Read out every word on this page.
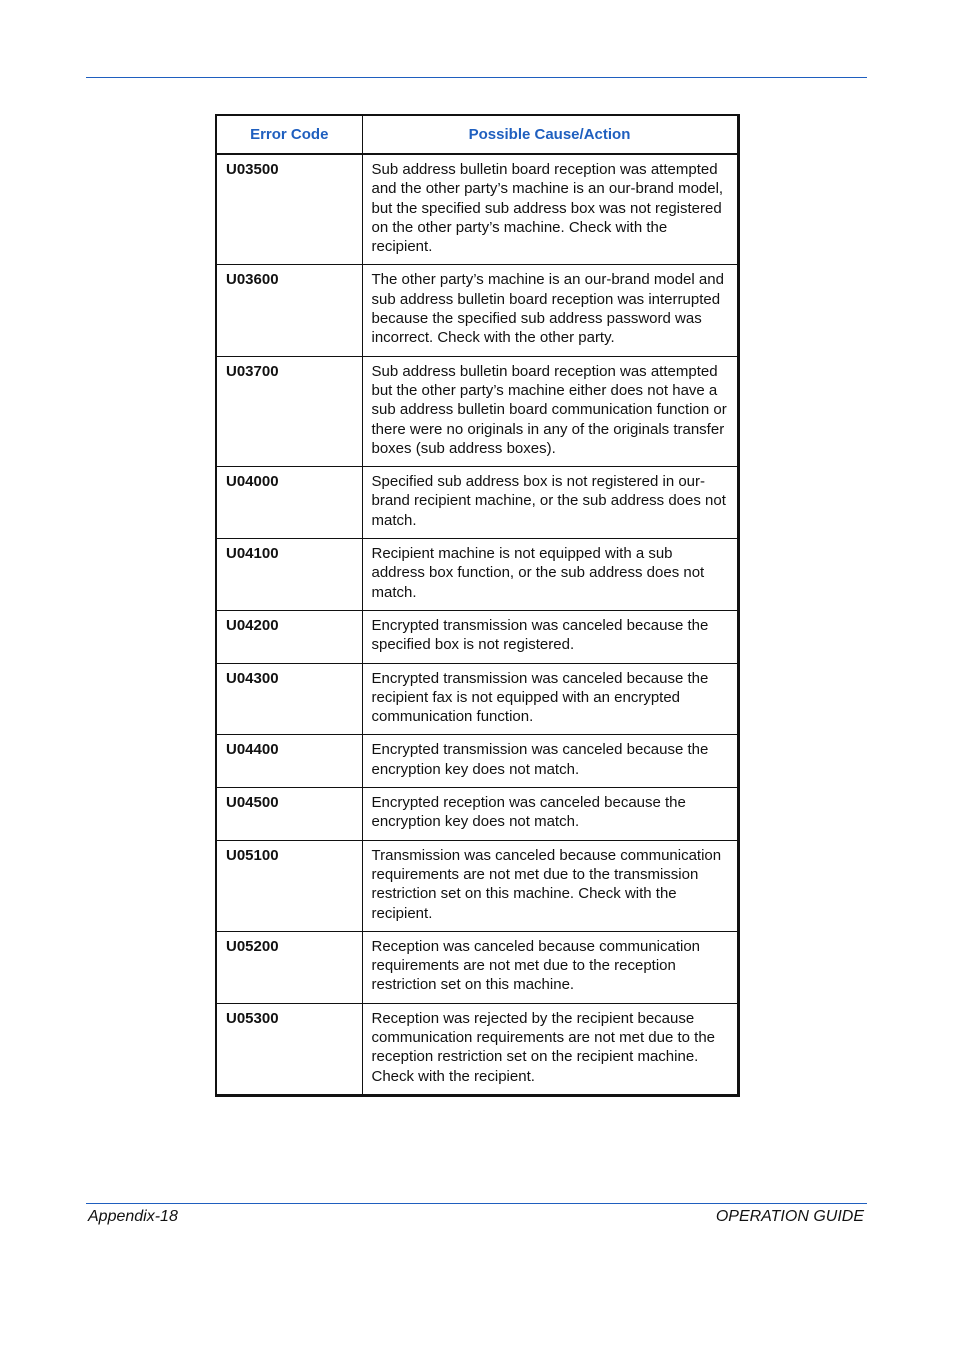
Error Code	Possible Cause/Action
U03500	Sub address bulletin board reception was attempted and the other party’s machine is an our-brand model, but the specified sub address box was not registered on the other party’s machine. Check with the recipient.
U03600	The other party’s machine is an our-brand model and sub address bulletin board reception was interrupted because the specified sub address password was incorrect. Check with the other party.
U03700	Sub address bulletin board reception was attempted but the other party’s machine either does not have a sub address bulletin board communication function or there were no originals in any of the originals transfer boxes (sub address boxes).
U04000	Specified sub address box is not registered in our-brand recipient machine, or the sub address does not match.
U04100	Recipient machine is not equipped with a sub address box function, or the sub address does not match.
U04200	Encrypted transmission was canceled because the specified box is not registered.
U04300	Encrypted transmission was canceled because the recipient fax is not equipped with an encrypted communication function.
U04400	Encrypted transmission was canceled because the encryption key does not match.
U04500	Encrypted reception was canceled because the encryption key does not match.
U05100	Transmission was canceled because communication requirements are not met due to the transmission restriction set on this machine. Check with the recipient.
U05200	Reception was canceled because communication requirements are not met due to the reception restriction set on this machine.
U05300	Reception was rejected by the recipient because communication requirements are not met due to the reception restriction set on the recipient machine. Check with the recipient.
Appendix-18	OPERATION GUIDE
